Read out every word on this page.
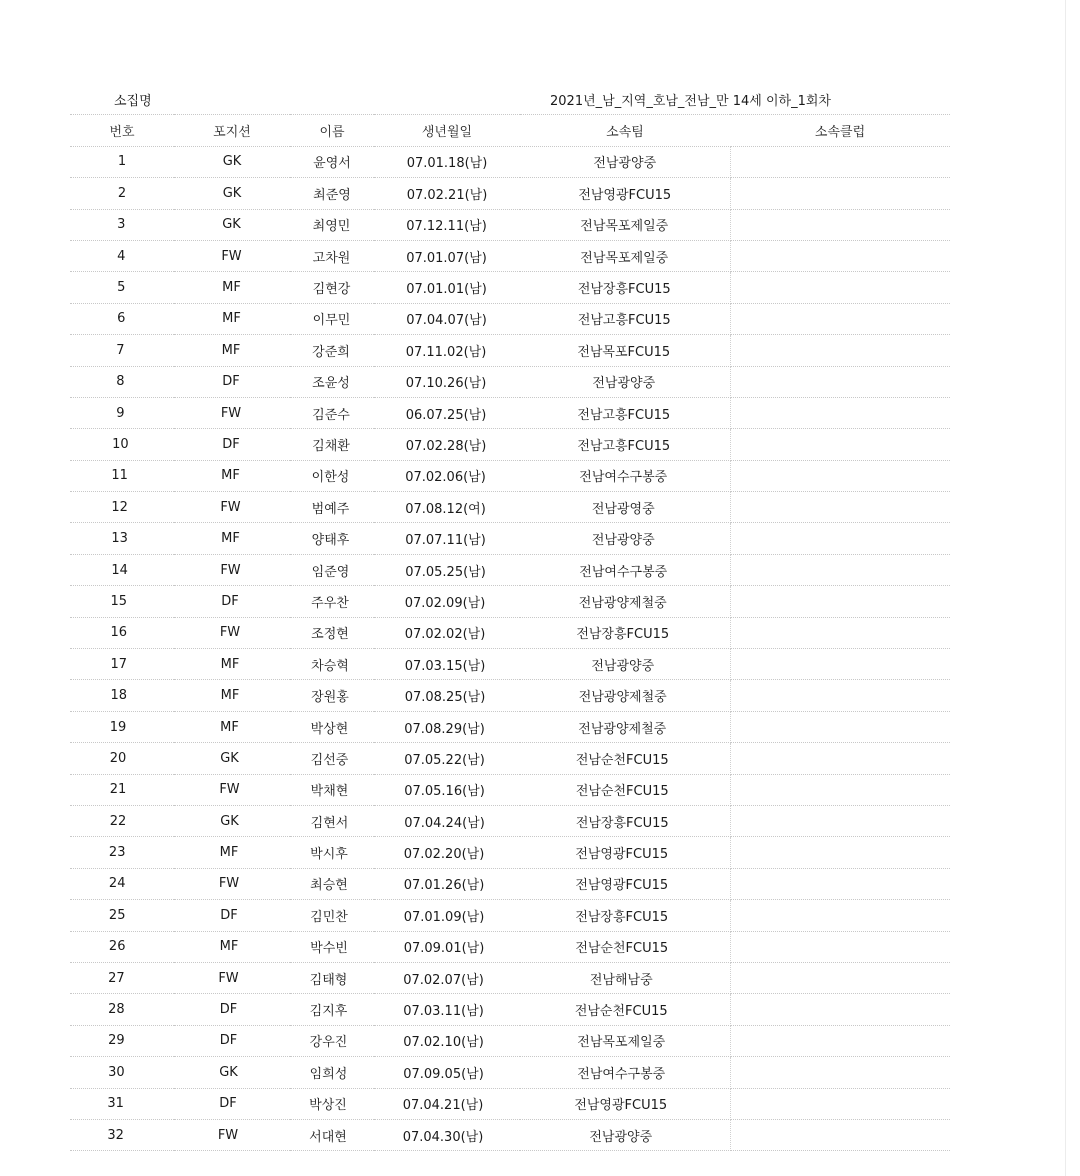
소집명				2021년_남_지역_호남_전남_만 14세 이하_1회차	
번호	포지션	이름	생년월일	소속팀	소속클럽
1	GK	윤영서	07.01.18(남)	전남광양중	
2	GK	최준영	07.02.21(남)	전남영광FCU15	
3	GK	최영민	07.12.11(남)	전남목포제일중	
4	FW	고차원	07.01.07(남)	전남목포제일중	
5	MF	김현강	07.01.01(남)	전남장흥FCU15	
6	MF	이무민	07.04.07(남)	전남고흥FCU15	
7	MF	강준희	07.11.02(남)	전남목포FCU15	
8	DF	조윤성	07.10.26(남)	전남광양중	
9	FW	김준수	06.07.25(남)	전남고흥FCU15	
10	DF	김채환	07.02.28(남)	전남고흥FCU15	
11	MF	이한성	07.02.06(남)	전남여수구봉중	
12	FW	범예주	07.08.12(여)	전남광영중	
13	MF	양태후	07.07.11(남)	전남광양중	
14	FW	임준영	07.05.25(남)	전남여수구봉중	
15	DF	주우찬	07.02.09(남)	전남광양제철중	
16	FW	조정현	07.02.02(남)	전남장흥FCU15	
17	MF	차승혁	07.03.15(남)	전남광양중	
18	MF	장원홍	07.08.25(남)	전남광양제철중	
19	MF	박상현	07.08.29(남)	전남광양제철중	
20	GK	김선중	07.05.22(남)	전남순천FCU15	
21	FW	박채현	07.05.16(남)	전남순천FCU15	
22	GK	김현서	07.04.24(남)	전남장흥FCU15	
23	MF	박시후	07.02.20(남)	전남영광FCU15	
24	FW	최승현	07.01.26(남)	전남영광FCU15	
25	DF	김민찬	07.01.09(남)	전남장흥FCU15	
26	MF	박수빈	07.09.01(남)	전남순천FCU15	
27	FW	김태형	07.02.07(남)	전남해남중	
28	DF	김지후	07.03.11(남)	전남순천FCU15	
29	DF	강우진	07.02.10(남)	전남목포제일중	
30	GK	임희성	07.09.05(남)	전남여수구봉중	
31	DF	박상진	07.04.21(남)	전남영광FCU15	
32	FW	서대현	07.04.30(남)	전남광양중	
